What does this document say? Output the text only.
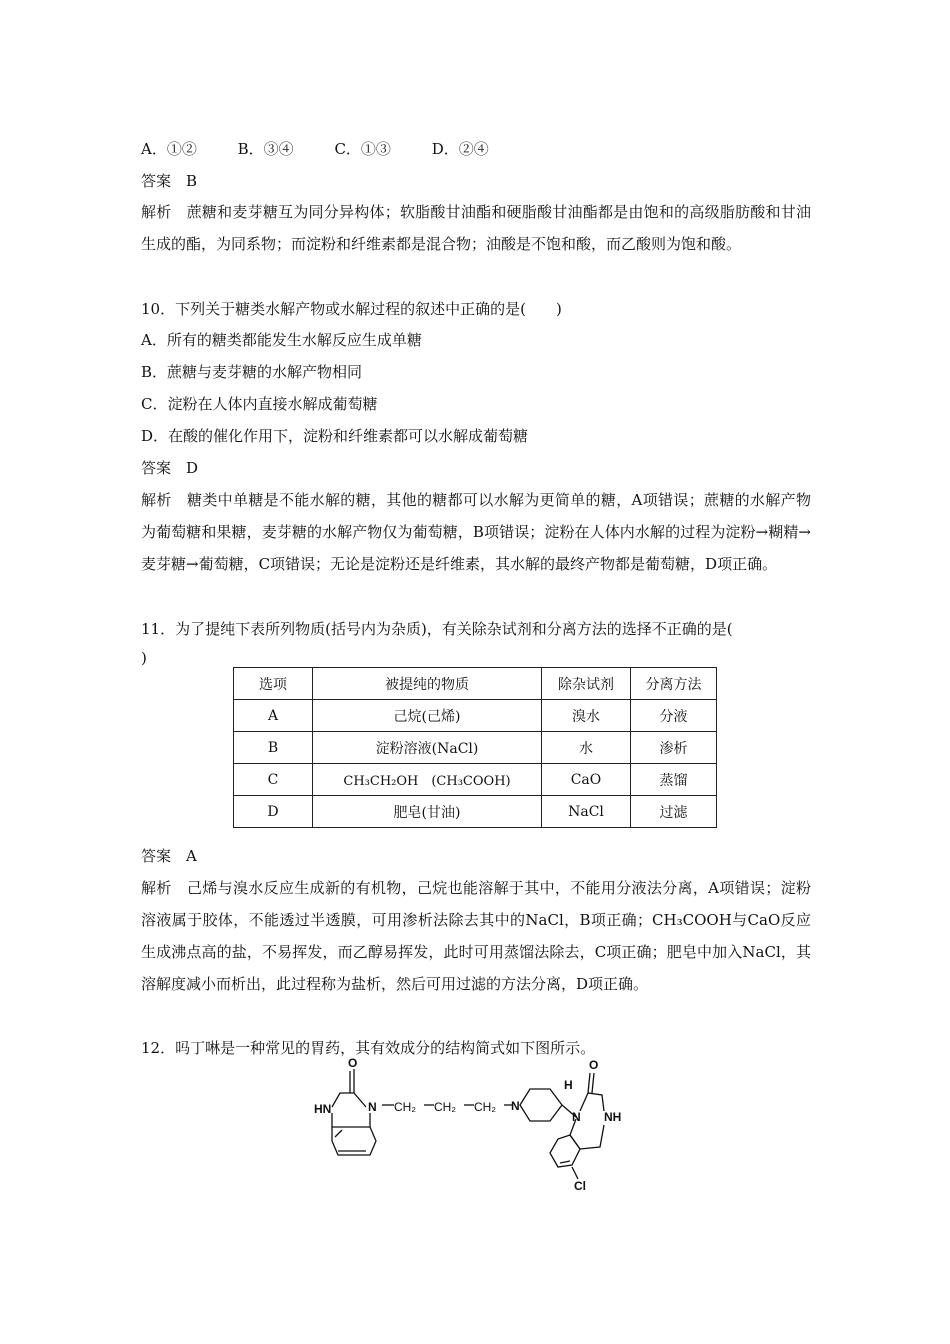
A．①②	B．③④	C．①③	D．②④
答案　 B
解析　 蔗糖和麦芽糖互为同分异构体；软脂酸甘油酯和硬脂酸甘油酯都是由饱和的高级脂肪酸和甘油生成的酯，为同系物；而淀粉和纤维素都是混合物；油酸是不饱和酸，而乙酸则为饱和酸。
10．下列关于糖类水解产物或水解过程的叙述中正确的是(　　)
A．所有的糖类都能发生水解反应生成单糖
B．蔗糖与麦芽糖的水解产物相同
C．淀粉在人体内直接水解成葡萄糖
D．在酸的催化作用下，淀粉和纤维素都可以水解成葡萄糖
答案　 D
解析　 糖类中单糖是不能水解的糖，其他的糖都可以水解为更简单的糖，A项错误；蔗糖的水解产物为葡萄糖和果糖，麦芽糖的水解产物仅为葡萄糖，B项错误；淀粉在人体内水解的过程为淀粉→糊精→麦芽糖→葡萄糖，C项错误；无论是淀粉还是纤维素，其水解的最终产物都是葡萄糖，D项正确。
11．为了提纯下表所列物质(括号内为杂质)，有关除杂试剂和分离方法的选择不正确的是(
)
选项	被提纯的物质	除杂试剂	分离方法
A	己烷(己烯)	溴水	分液
B	淀粉溶液(NaCl)	水	渗析
C	CH₃CH₂OH　(CH₃COOH)	CaO	蒸馏
D	肥皂(甘油)	NaCl	过滤
答案　 A
解析　 己烯与溴水反应生成新的有机物，己烷也能溶解于其中，不能用分液法分离，A项错误；淀粉溶液属于胶体，不能透过半透膜，可用渗析法除去其中的NaCl，B项正确；CH₃COOH与CaO反应生成沸点高的盐，不易挥发，而乙醇易挥发，此时可用蒸馏法除去，C项正确；肥皂中加入NaCl，其溶解度减小而析出，此过程称为盐析，然后可用过滤的方法分离，D项正确。
12．吗丁啉是一种常见的胃药，其有效成分的结构简式如下图所示。
O
HN	N CH₂ CH₂ CH₂ N
H
O
N NH
Cl
